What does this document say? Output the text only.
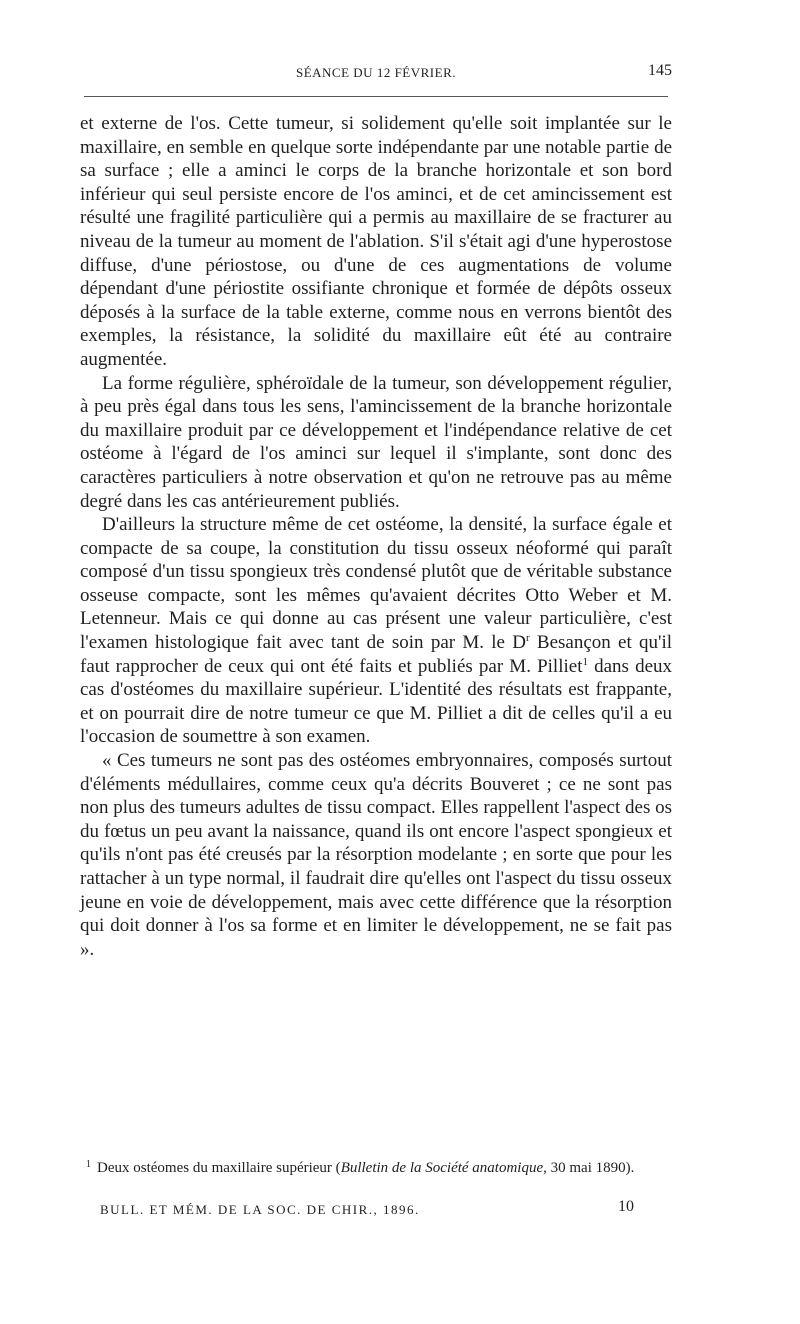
SÉANCE DU 12 FÉVRIER.	145

et externe de l'os. Cette tumeur, si solidement qu'elle soit implantée sur le maxillaire, en semble en quelque sorte indépendante par une notable partie de sa surface ; elle a aminci le corps de la branche horizontale et son bord inférieur qui seul persiste encore de l'os aminci, et de cet amincissement est résulté une fragilité particulière qui a permis au maxillaire de se fracturer au niveau de la tumeur au moment de l'ablation. S'il s'était agi d'une hyperostose diffuse, d'une périostose, ou d'une de ces augmentations de volume dépendant d'une périostite ossifiante chronique et formée de dépôts osseux déposés à la surface de la table externe, comme nous en verrons bientôt des exemples, la résistance, la solidité du maxillaire eût été au contraire augmentée.

La forme régulière, sphéroïdale de la tumeur, son développement régulier, à peu près égal dans tous les sens, l'amincissement de la branche horizontale du maxillaire produit par ce développement et l'indépendance relative de cet ostéome à l'égard de l'os aminci sur lequel il s'implante, sont donc des caractères particuliers à notre observation et qu'on ne retrouve pas au même degré dans les cas antérieurement publiés.

D'ailleurs la structure même de cet ostéome, la densité, la surface égale et compacte de sa coupe, la constitution du tissu osseux néoformé qui paraît composé d'un tissu spongieux très condensé plutôt que de véritable substance osseuse compacte, sont les mêmes qu'avaient décrites Otto Weber et M. Letenneur. Mais ce qui donne au cas présent une valeur particulière, c'est l'examen histologique fait avec tant de soin par M. le $D^r$ Besançon et qu'il faut rapprocher de ceux qui ont été faits et publiés par M. Pilliet$^1$ dans deux cas d'ostéomes du maxillaire supérieur. L'identité des résultats est frappante, et on pourrait dire de notre tumeur ce que M. Pilliet a dit de celles qu'il a eu l'occasion de soumettre à son examen.

« Ces tumeurs ne sont pas des ostéomes embryonnaires, composés surtout d'éléments médullaires, comme ceux qu'a décrits Bouveret ; ce ne sont pas non plus des tumeurs adultes de tissu compact. Elles rappellent l'aspect des os du fœtus un peu avant la naissance, quand ils ont encore l'aspect spongieux et qu'ils n'ont pas été creusés par la résorption modelante ; en sorte que pour les rattacher à un type normal, il faudrait dire qu'elles ont l'aspect du tissu osseux jeune en voie de développement, mais avec cette différence que la résorption qui doit donner à l'os sa forme et en limiter le développement, ne se fait pas ».

$^1$ Deux ostéomes du maxillaire supérieur (Bulletin de la Société anatomique, 30 mai 1890).

BULL. ET MÉM. DE LA SOC. DE CHIR., 1896.	10
